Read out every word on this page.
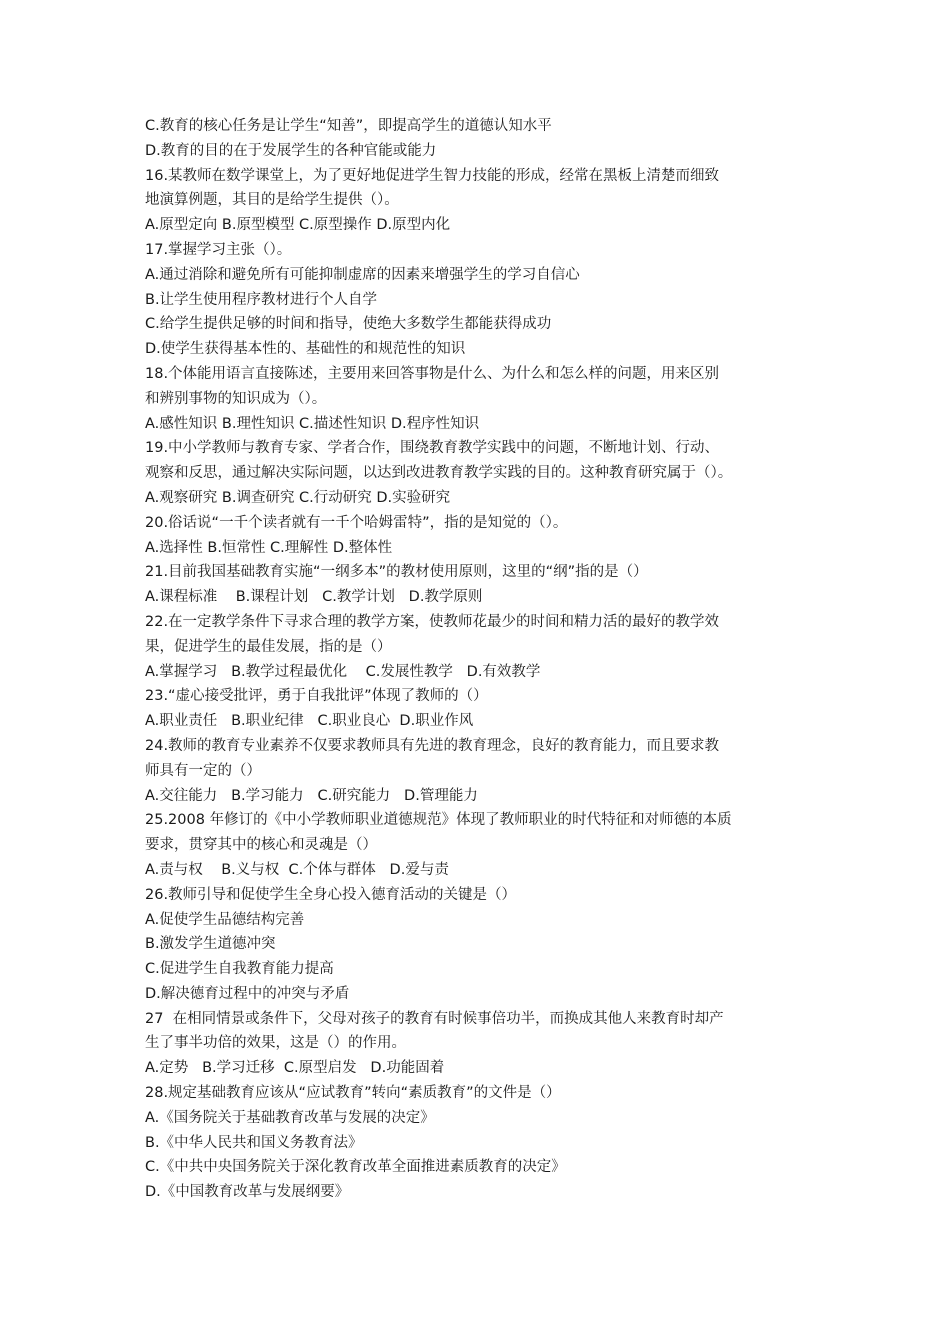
C.教育的核心任务是让学生“知善”，即提高学生的道德认知水平
D.教育的目的在于发展学生的各种官能或能力
16.某教师在数学课堂上，为了更好地促进学生智力技能的形成，经常在黑板上清楚而细致
地演算例题，其目的是给学生提供（）。
A.原型定向 B.原型模型 C.原型操作 D.原型内化
17.掌握学习主张（）。
A.通过消除和避免所有可能抑制虚席的因素来增强学生的学习自信心
B.让学生使用程序教材进行个人自学
C.给学生提供足够的时间和指导，使绝大多数学生都能获得成功
D.使学生获得基本性的、基础性的和规范性的知识
18.个体能用语言直接陈述，主要用来回答事物是什么、为什么和怎么样的问题，用来区别
和辨别事物的知识成为（）。
A.感性知识 B.理性知识 C.描述性知识 D.程序性知识
19.中小学教师与教育专家、学者合作，围绕教育教学实践中的问题，不断地计划、行动、
观察和反思，通过解决实际问题，以达到改进教育教学实践的目的。这种教育研究属于（）。
A.观察研究 B.调查研究 C.行动研究 D.实验研究
20.俗话说“一千个读者就有一千个哈姆雷特”，指的是知觉的（）。
A.选择性 B.恒常性 C.理解性 D.整体性
21.目前我国基础教育实施“一纲多本”的教材使用原则，这里的“纲”指的是（）
A.课程标准    B.课程计划   C.教学计划   D.教学原则
22.在一定教学条件下寻求合理的教学方案，使教师花最少的时间和精力活的最好的教学效
果，促进学生的最佳发展，指的是（）
A.掌握学习   B.教学过程最优化    C.发展性教学   D.有效教学
23.“虚心接受批评，勇于自我批评”体现了教师的（）
A.职业责任   B.职业纪律   C.职业良心  D.职业作风
24.教师的教育专业素养不仅要求教师具有先进的教育理念，良好的教育能力，而且要求教
师具有一定的（）
A.交往能力   B.学习能力   C.研究能力   D.管理能力
25.2008 年修订的《中小学教师职业道德规范》体现了教师职业的时代特征和对师德的本质
要求，贯穿其中的核心和灵魂是（）
A.责与权    B.义与权  C.个体与群体   D.爱与责
26.教师引导和促使学生全身心投入德育活动的关键是（）
A.促使学生品德结构完善
B.激发学生道德冲突
C.促进学生自我教育能力提高
D.解决德育过程中的冲突与矛盾
27  在相同情景或条件下，父母对孩子的教育有时候事倍功半，而换成其他人来教育时却产
生了事半功倍的效果，这是（）的作用。
A.定势   B.学习迁移  C.原型启发   D.功能固着
28.规定基础教育应该从“应试教育”转向“素质教育”的文件是（）
A.《国务院关于基础教育改革与发展的决定》
B.《中华人民共和国义务教育法》
C.《中共中央国务院关于深化教育改革全面推进素质教育的决定》
D.《中国教育改革与发展纲要》
